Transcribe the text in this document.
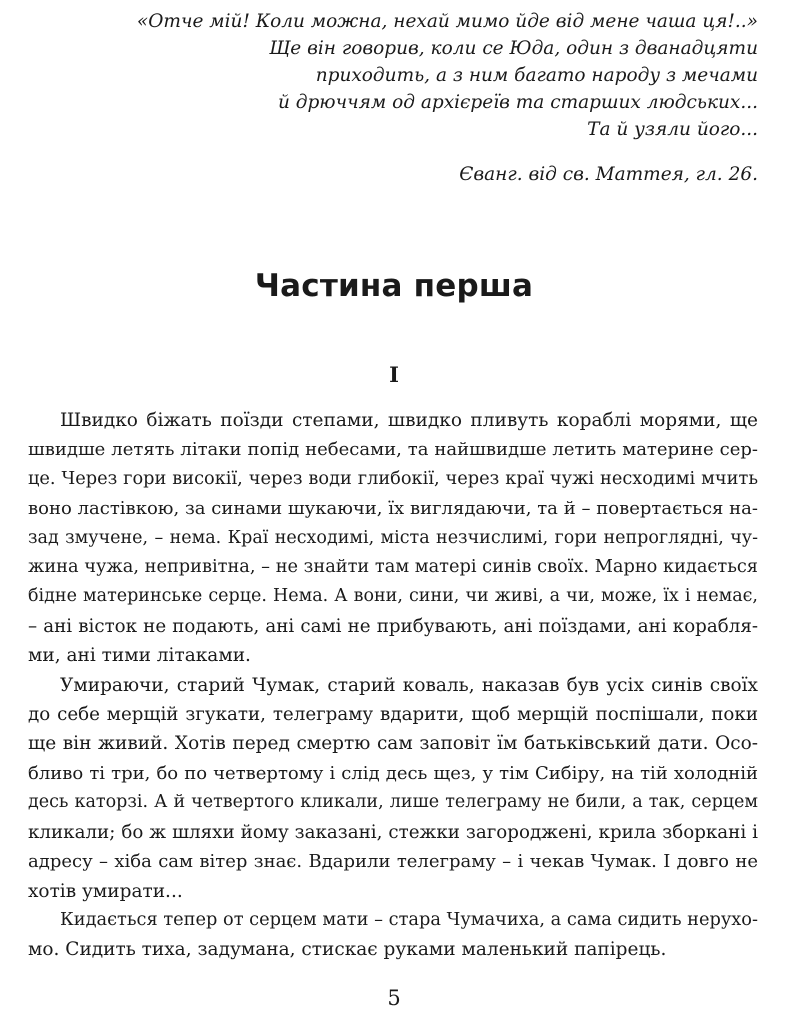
«Отче мій! Коли можна, нехай мимо йде від мене чаша ця!..»
Ще він говорив, коли се Юда, один з дванадцяти
приходить, а з ним багато народу з мечами
й дрюччям од архієреїв та старших людських...
Та й узяли його...
Єванг. від св. Маттея, гл. 26.
Частина перша
I
Швидко біжать поїзди степами, швидко пливуть кораблі морями, ще
швидше летять літаки попід небесами, та найшвидше летить материне сер-
це. Через гори високії, через води глибокії, через краї чужі несходимі мчить
воно ластівкою, за синами шукаючи, їх виглядаючи, та й – повертається на-
зад змучене, – нема. Краї несходимі, міста незчислимі, гори непроглядні, чу-
жина чужа, непривітна, – не знайти там матері синів своїх. Марно кидається
бідне материнське серце. Нема. А вони, сини, чи живі, а чи, може, їх і немає,
– ані вісток не подають, ані самі не прибувають, ані поїздами, ані корабля-
ми, ані тими літаками.
Умираючи, старий Чумак, старий коваль, наказав був усіх синів своїх
до себе мерщій згукати, телеграму вдарити, щоб мерщій поспішали, поки
ще він живий. Хотів перед смертю сам заповіт їм батьківський дати. Осо-
бливо ті три, бо по четвертому і слід десь щез, у тім Сибіру, на тій холодній
десь каторзі. А й четвертого кликали, лише телеграму не били, а так, серцем
кликали; бо ж шляхи йому заказані, стежки загороджені, крила зборкані і
адресу – хіба сам вітер знає. Вдарили телеграму – і чекав Чумак. І довго не
хотів умирати...
Кидається тепер от серцем мати – стара Чумачиха, а сама сидить нерухо-
мо. Сидить тиха, задумана, стискає руками маленький папірець.
5
